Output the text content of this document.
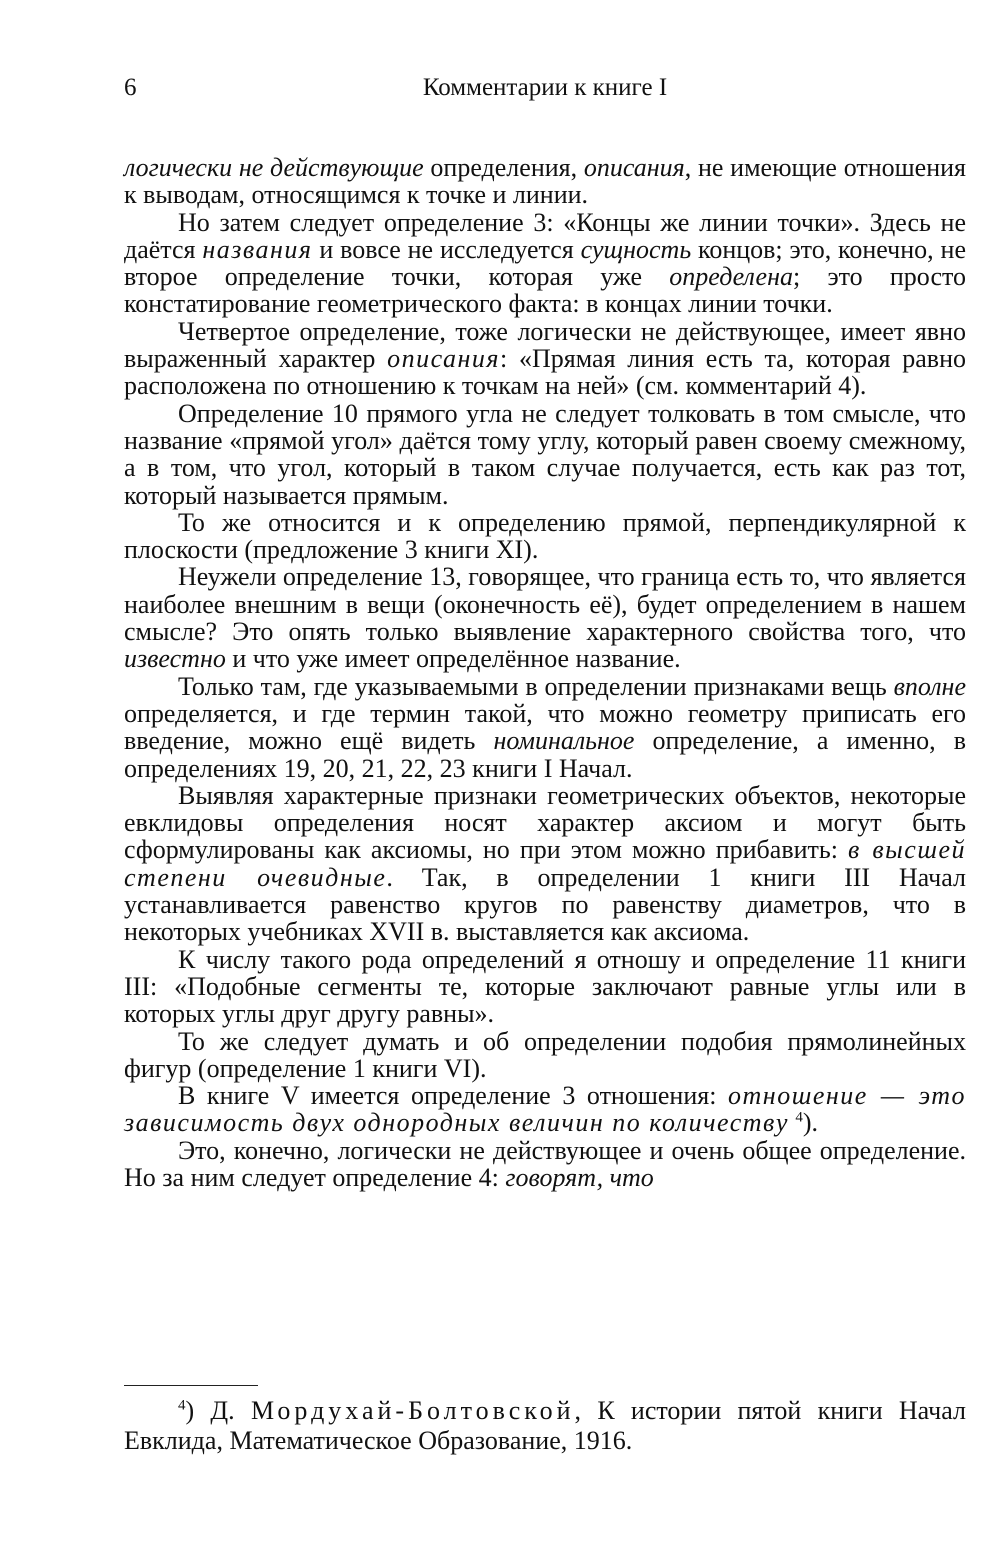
6	Комментарии к книге I

логически не действующие определения, описания, не имеющие отношения к выводам, относящимся к точке и линии.

Но затем следует определение 3: «Концы же линии точки». Здесь не даётся названия и вовсе не исследуется сущность концов; это, конечно, не второе определение точки, которая уже определена; это просто констатирование геометрического факта: в концах линии точки.

Четвертое определение, тоже логически не действующее, имеет явно выраженный характер описания: «Прямая линия есть та, которая равно расположена по отношению к точкам на ней» (см. комментарий 4).

Определение 10 прямого угла не следует толковать в том смысле, что название «прямой угол» даётся тому углу, который равен своему смежному, а в том, что угол, который в таком случае получается, есть как раз тот, который называется прямым.

То же относится и к определению прямой, перпендикулярной к плоскости (предложение 3 книги XI).

Неужели определение 13, говорящее, что граница есть то, что является наиболее внешним в вещи (оконечность её), будет определением в нашем смысле? Это опять только выявление характерного свойства того, что известно и что уже имеет определённое название.

Только там, где указываемыми в определении признаками вещь вполне определяется, и где термин такой, что можно геометру приписать его введение, можно ещё видеть номинальное определение, а именно, в определениях 19, 20, 21, 22, 23 книги I Начал.

Выявляя характерные признаки геометрических объектов, некоторые евклидовы определения носят характер аксиом и могут быть сформулированы как аксиомы, но при этом можно прибавить: в высшей степени очевидные. Так, в определении 1 книги III Начал устанавливается равенство кругов по равенству диаметров, что в некоторых учебниках XVII в. выставляется как аксиома.

К числу такого рода определений я отношу и определение 11 книги III: «Подобные сегменты те, которые заключают равные углы или в которых углы друг другу равны».

То же следует думать и об определении подобия прямолинейных фигур (определение 1 книги VI).

В книге V имеется определение 3 отношения: отношение — это зависимость двух однородных величин по количеству $^4$).

Это, конечно, логически не действующее и очень общее определение. Но за ним следует определение 4: говорят, что

$^4$) Д. Мордухай-Болтовской, К истории пятой книги Начал Евклида, Математическое Образование, 1916.
